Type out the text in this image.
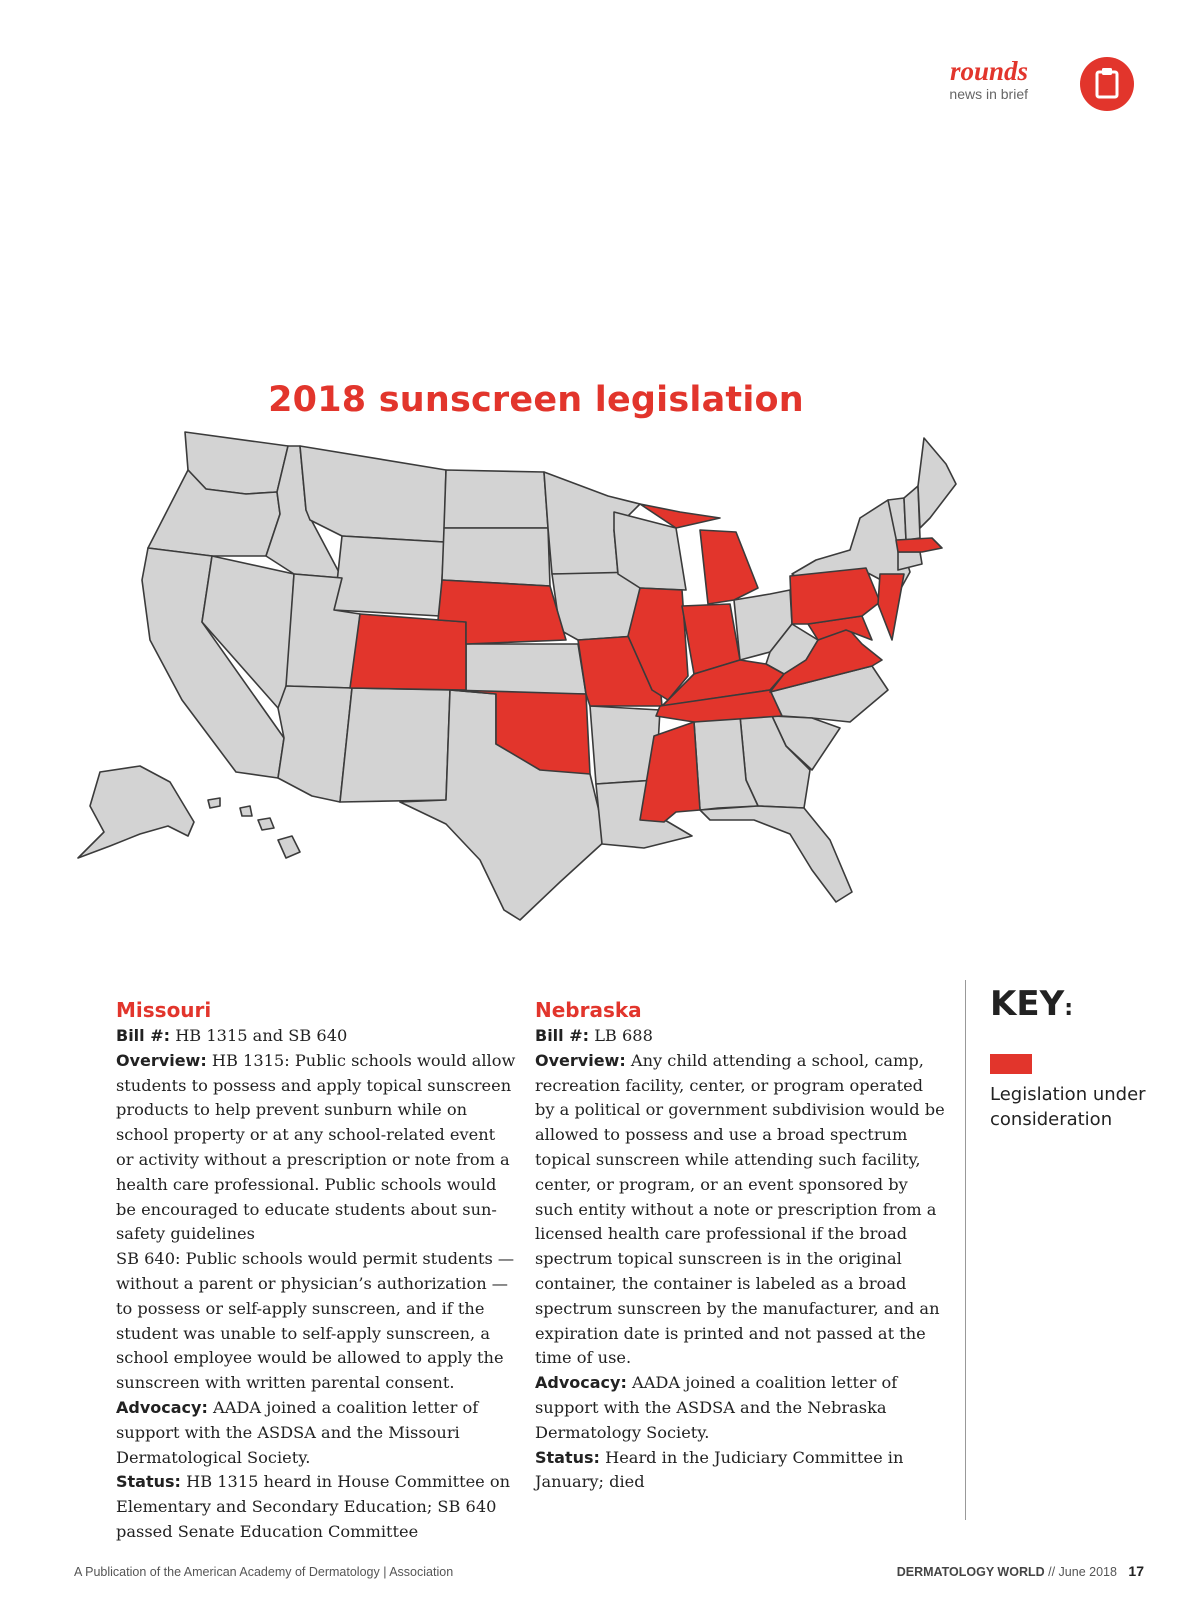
rounds
news in brief
2018 sunscreen legislation
Missouri
Bill #: HB 1315 and SB 640
Overview: HB 1315: Public schools would allow students to possess and apply topical sunscreen products to help prevent sunburn while on school property or at any school-related event or activity without a prescription or note from a health care professional. Public schools would be encouraged to educate students about sun-safety guidelines
SB 640: Public schools would permit students — without a parent or physician’s authorization — to possess or self-apply sunscreen, and if the student was unable to self-apply sunscreen, a school employee would be allowed to apply the sunscreen with written parental consent.
Advocacy: AADA joined a coalition letter of support with the ASDSA and the Missouri Dermatological Society.
Status: HB 1315 heard in House Committee on Elementary and Secondary Education; SB 640 passed Senate Education Committee
Nebraska
Bill #: LB 688
Overview: Any child attending a school, camp, recreation facility, center, or program operated by a political or government subdivision would be allowed to possess and use a broad spectrum topical sunscreen while attending such facility, center, or program, or an event sponsored by such entity without a note or prescription from a licensed health care professional if the broad spectrum topical sunscreen is in the original container, the container is labeled as a broad spectrum sunscreen by the manufacturer, and an expiration date is printed and not passed at the time of use.
Advocacy: AADA joined a coalition letter of support with the ASDSA and the Nebraska Dermatology Society.
Status: Heard in the Judiciary Committee in January; died
KEY:
Legislation under consideration
A Publication of the American Academy of Dermatology | Association	DERMATOLOGY WORLD // June 2018 17
